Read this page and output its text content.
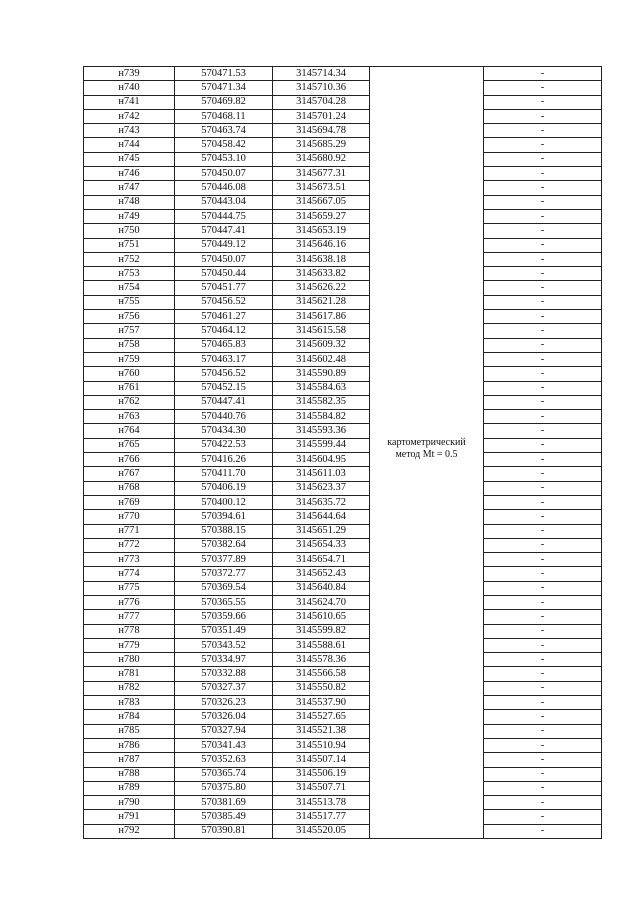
н739	570471.53	3145714.34	картометрический
метод Mt = 0.5	-
н740	570471.34	3145710.36		-
н741	570469.82	3145704.28		-
н742	570468.11	3145701.24		-
н743	570463.74	3145694.78		-
н744	570458.42	3145685.29		-
н745	570453.10	3145680.92		-
н746	570450.07	3145677.31		-
н747	570446.08	3145673.51		-
н748	570443.04	3145667.05		-
н749	570444.75	3145659.27		-
н750	570447.41	3145653.19		-
н751	570449.12	3145646.16		-
н752	570450.07	3145638.18		-
н753	570450.44	3145633.82		-
н754	570451.77	3145626.22		-
н755	570456.52	3145621.28		-
н756	570461.27	3145617.86		-
н757	570464.12	3145615.58		-
н758	570465.83	3145609.32		-
н759	570463.17	3145602.48		-
н760	570456.52	3145590.89		-
н761	570452.15	3145584.63		-
н762	570447.41	3145582.35		-
н763	570440.76	3145584.82		-
н764	570434.30	3145593.36		-
н765	570422.53	3145599.44		-
н766	570416.26	3145604.95		-
н767	570411.70	3145611.03		-
н768	570406.19	3145623.37		-
н769	570400.12	3145635.72		-
н770	570394.61	3145644.64		-
н771	570388.15	3145651.29		-
н772	570382.64	3145654.33		-
н773	570377.89	3145654.71		-
н774	570372.77	3145652.43		-
н775	570369.54	3145640.84		-
н776	570365.55	3145624.70		-
н777	570359.66	3145610.65		-
н778	570351.49	3145599.82		-
н779	570343.52	3145588.61		-
н780	570334.97	3145578.36		-
н781	570332.88	3145566.58		-
н782	570327.37	3145550.82		-
н783	570326.23	3145537.90		-
н784	570326.04	3145527.65		-
н785	570327.94	3145521.38		-
н786	570341.43	3145510.94		-
н787	570352.63	3145507.14		-
н788	570365.74	3145506.19		-
н789	570375.80	3145507.71		-
н790	570381.69	3145513.78		-
н791	570385.49	3145517.77		-
н792	570390.81	3145520.05		-
